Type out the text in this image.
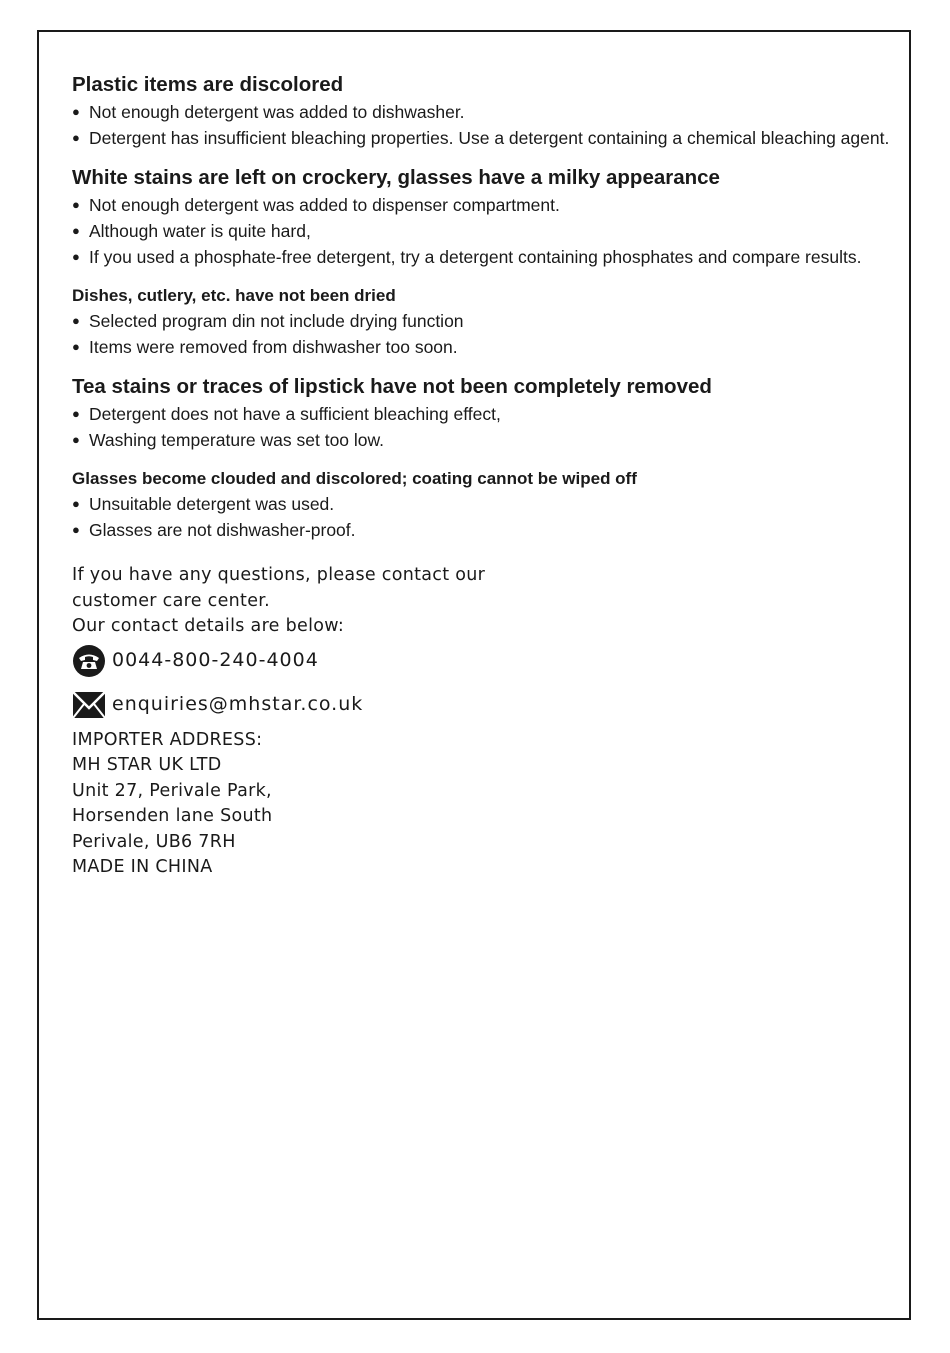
Plastic items are discolored
● Not enough detergent was added to dishwasher.
● Detergent has insufficient bleaching properties. Use a detergent containing a chemical bleaching agent.
White stains are left on crockery, glasses have a milky appearance
● Not enough detergent was added to dispenser compartment.
● Although water is quite hard,
● If you used a phosphate-free detergent, try a detergent containing phosphates and compare results.
Dishes, cutlery, etc. have not been dried
● Selected program din not include drying function
● Items were removed from dishwasher too soon.
Tea stains or traces of lipstick have not been completely removed
● Detergent does not have a sufficient bleaching effect,
● Washing temperature was set too low.
Glasses become clouded and discolored; coating cannot be wiped off
● Unsuitable detergent was used.
● Glasses are not dishwasher-proof.

If you have any questions, please contact our

customer care center.

Our contact details are below:

0044-800-240-4004
enquiries@mhstar.co.uk

IMPORTER ADDRESS:

MH STAR UK LTD

Unit 27, Perivale Park,

Horsenden lane South

Perivale, UB6 7RH

MADE IN CHINA
